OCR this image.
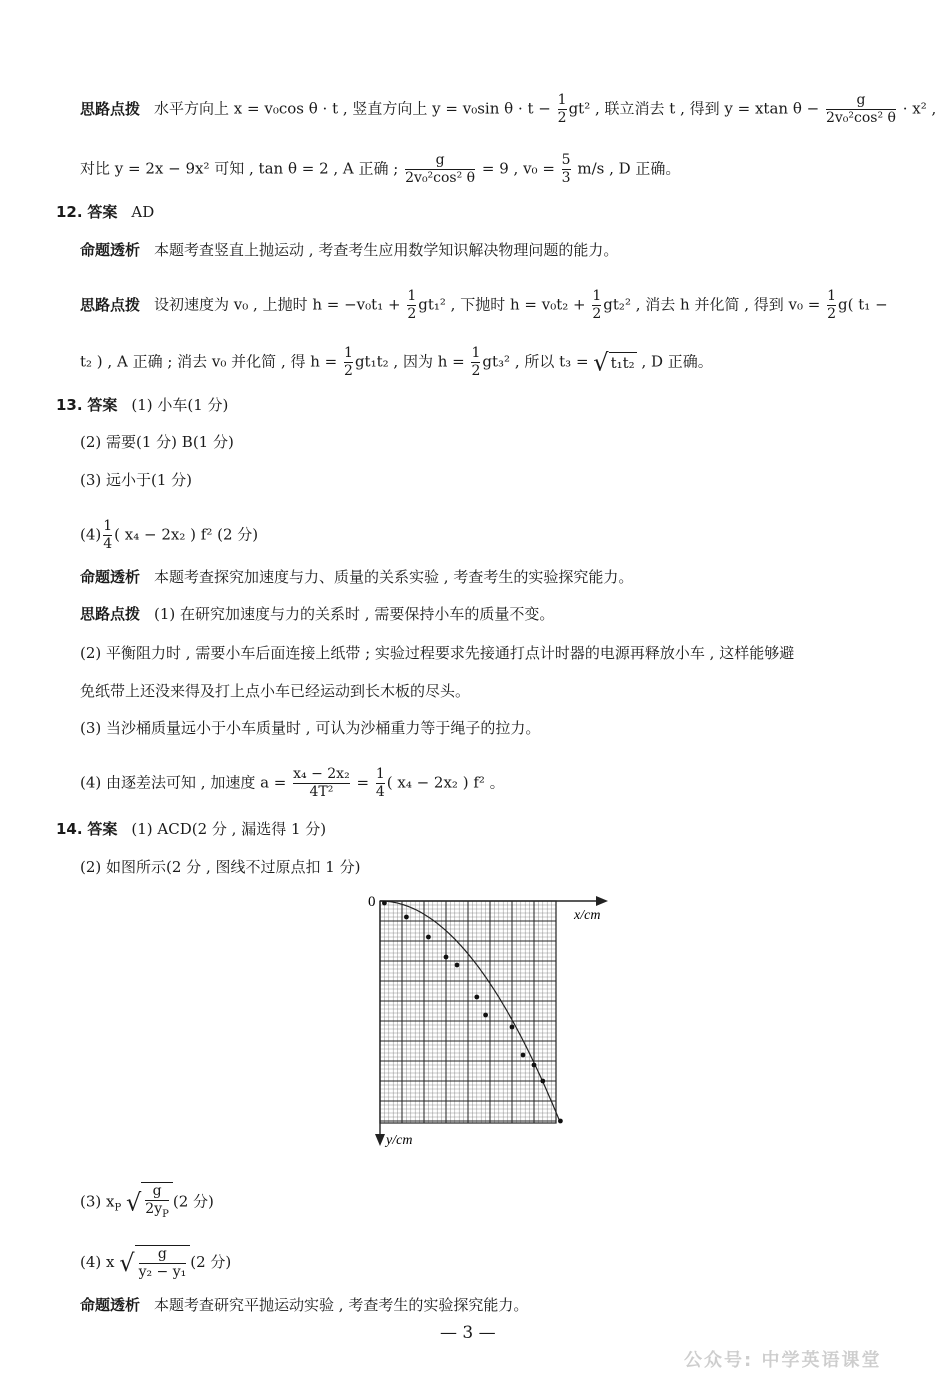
思路点拨 水平方向上 x = v₀cos θ · t , 竖直方向上 y = v₀sin $\theta \cdot t - \frac{1}{2} gt^2$ , 联立消去 t , 得到 y = xtan $\theta - \frac{g}{\text{2v₀²cos² θ}} \cdot x^2$ ,
对比 y = 2x − 9x² 可知 , tan θ = 2 , A 正确 ; $\frac{g}{\text{2v₀²cos² θ}} = 9$ , $v_0 = \frac{5}{3} m/s$ , D 正确。
12. 答案 AD
命题透析 本题考查竖直上抛运动 , 考查考生应用数学知识解决物理问题的能力。
思路点拨 设初速度为 v₀ , 上抛时 $h = -v_0t_1 + \frac{1}{2} gt_1^2$ , 下抛时 $h = v_0t_2 + \frac{1}{2} gt_2^2$ , 消去 h 并化简 , 得到 $v_0 = \frac{1}{2} g$( t₁ −
t₂ ) , A 正确 ; 消去 v₀ 并化简 , 得 $h = \frac{1}{2} gt_1t_2$ , 因为 $h = \frac{1}{2} gt_3^2$ , 所以 t₃ = √ t₁t₂ , D 正确。
13. 答案 (1) 小车(1 分)
(2) 需要(1 分) B(1 分)
(3) 远小于(1 分)
$(4) \frac{1}{4}$ ( x₄ − 2x₂ ) f² (2 分)
命题透析 本题考查探究加速度与力、质量的关系实验 , 考查考生的实验探究能力。
思路点拨 (1) 在研究加速度与力的关系时 , 需要保持小车的质量不变。
(2) 平衡阻力时 , 需要小车后面连接上纸带 ; 实验过程要求先接通打点计时器的电源再释放小车 , 这样能够避
免纸带上还没来得及打上点小车已经运动到长木板的尽头。
(3) 当沙桶质量远小于小车质量时 , 可认为沙桶重力等于绳子的拉力。
(4) 由逐差法可知 , 加速度 $a = \frac{\text{x₄ − 2x₂}}{\text{4T²}} = \frac{1}{4}$ ( x₄ − 2x₂ ) f² 。
14. 答案 (1) ACD(2 分 , 漏选得 1 分)
(2) 如图所示(2 分 , 图线不过原点扣 1 分)
0
x/cm
y/cm
(3) $x_P$ √ $\frac{g}{2y_P} (2$ 分)
(4) x √ $\frac{g}{\text{y₂ − y₁}} (2$ 分)
命题透析 本题考查研究平抛运动实验 , 考查考生的实验探究能力。
— 3 —
公众号: 中学英语课堂
